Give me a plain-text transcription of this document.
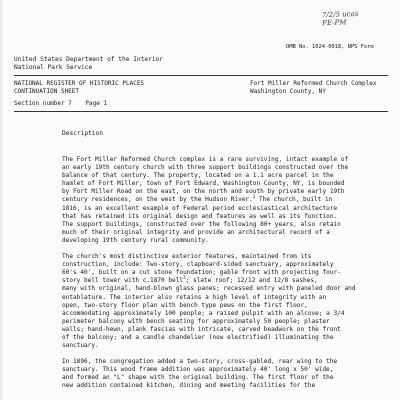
7/2/5 ucas
FE-PM
OMB No. 1024-0018, NPS Form
United States Department of the Interior
National Park Service
NATIONAL REGISTER OF HISTORIC PLACES
CONTINUATION SHEET
Fort Miller Reformed Church Complex
Washington County, NY
Section number 7 Page 1
Description
The Fort Miller Reformed Church complex is a rare surviving, intact example of
an early 19th century church with three support buildings constructed over the
balance of that century. The property, located on a 1.1 acre parcel in the
hamlet of Fort Miller, town of Fort Edward, Washington County, NY, is bounded
by Fort Miller Road on the east, on the north and south by private early 19th
century residences, on the west by the Hudson River.$^1$ The church, built in
1816, is an excellent example of Federal period ecclesiastical architecture
that has retained its original design and features as well as its function.
The support buildings, constructed over the following 80+ years, also retain
much of their original integrity and provide an architectural record of a
developing 19th century rural community.
The church's most distinctive exterior features, maintained from its
construction, include: Two-story, clapboard-sided sanctuary, approximately
60's 40', built on a cut stone foundation; gable front with projecting four-
story bell tower with c.1870 bell$^2$; slate roof; 12/12 and 12/8 sashes,
many with original, hand-blown glass panes; recessed entry with paneled door and
entablature. The interior also retains a high level of integrity with an
open, two-story floor plan with bench type pews on the first floor,
accommodating approximately 100 people; a raised pulpit with an alcove; a 3/4
perimeter balcony with bench seating for approximately 50 people; plaster
walls; hand-hewn, plank fascias with intricate, carved beadwork on the front
of the balcony; and a candle chandelier (now electrified) illuminating the
sanctuary.
In 1896, the congregation added a two-story, cross-gabled, rear wing to the
sanctuary. This wood frame addition was approximately 40' long x 50' wide,
and formed an "L" shape with the original building. The first floor of the
new addition contained kitchen, dining and meeting facilities for the
